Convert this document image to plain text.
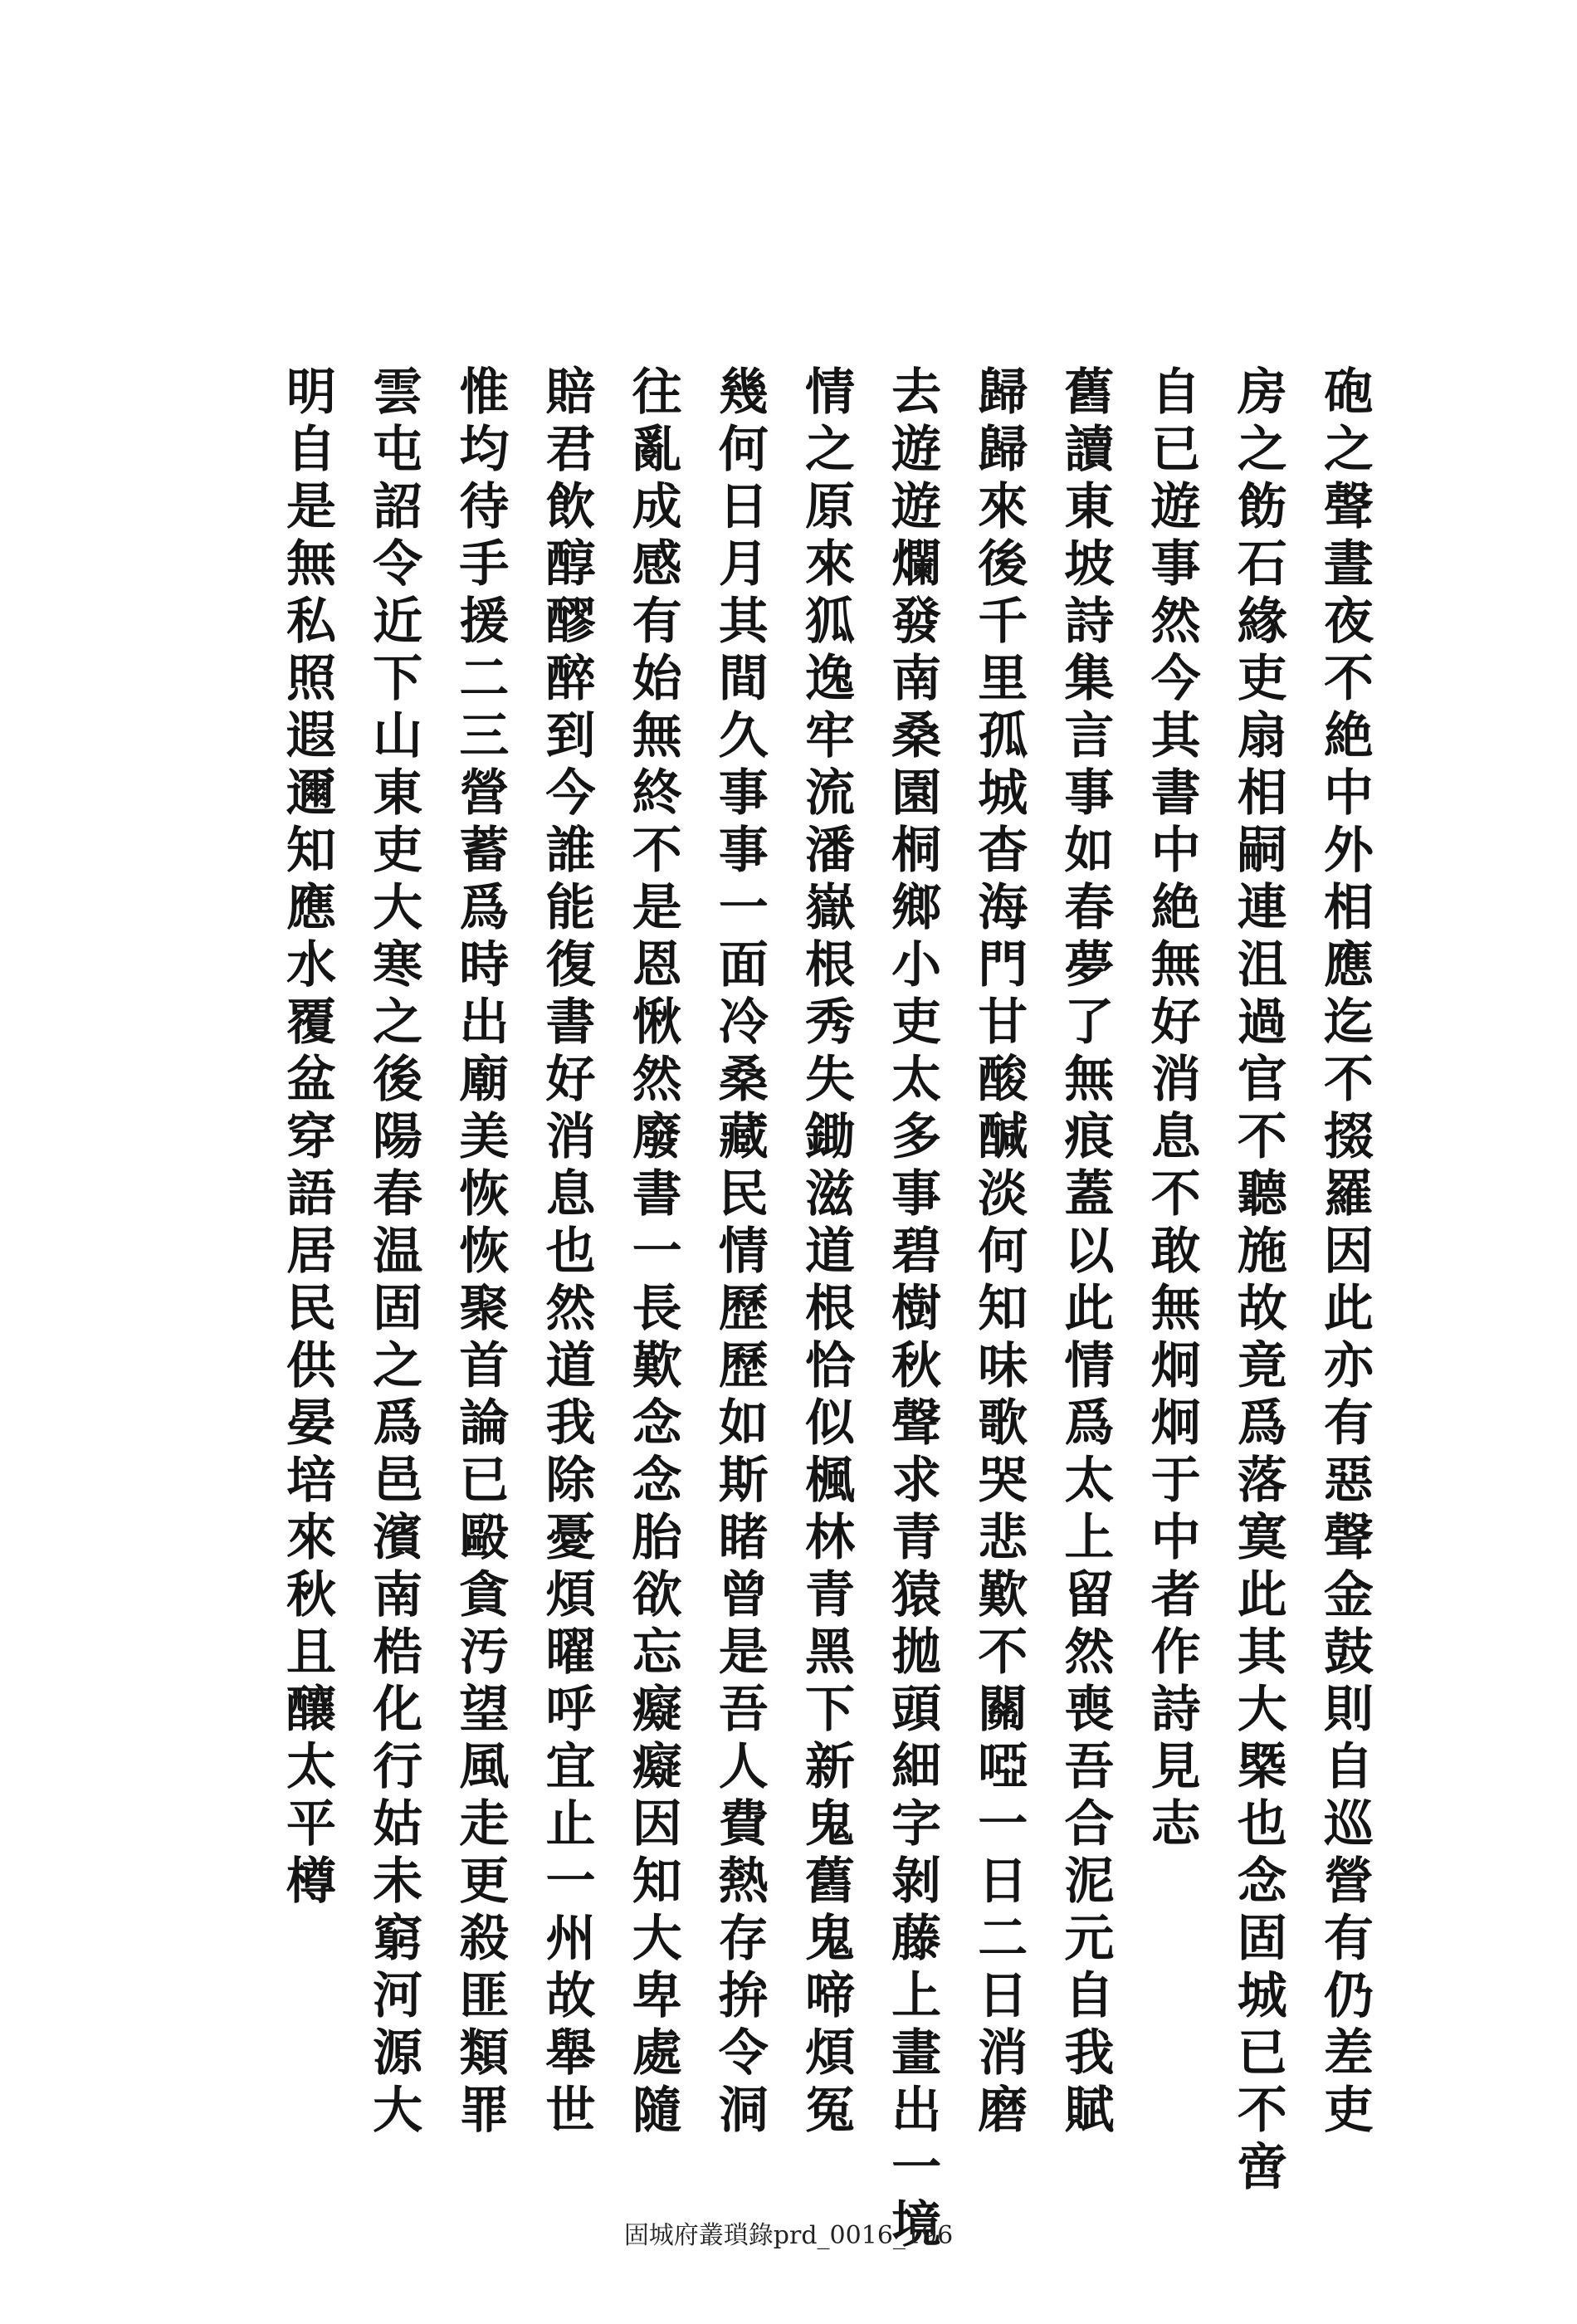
砲之聲晝夜不絶中外相應迄不掇羅因此亦有惡聲金鼓則自巡營有仍差吏
房之飭石緣吏扇相嗣連沮過官不聽施故竟爲落寞此其大槩也念固城已不啻
自已遊事然今其書中絶無好消息不敢無炯炯于中者作詩見志
舊讀東坡詩集言事如春夢了無痕蓋以此情爲太上留然喪吾合泥元自我賦
歸歸來後千里孤城杳海門甘酸醎淡何知味歌哭悲歎不關啞一日二日消磨
去遊遊爛發南桑園桐鄉小吏太多事碧樹秋聲求青猿拋頭細字剝藤上畫出一境
情之原來狐逸牢流潘嶽根秀失鋤滋道根恰似楓林青黑下新鬼舊鬼啼煩冤
幾何日月其間久事事一面冷桑藏民情歷歷如斯睹曾是吾人費熱存拚令洞
往亂成感有始無終不是恩愀然廢書一長歎念念胎欲忘癡癡因知大卑處隨
賠君飲醇醪醉到今誰能復書好消息也然道我除憂煩曜呼宜止一州故舉世
惟均待手援二三營蓄爲時出廟美恢恢聚首論已毆貪汚望風走更殺匪類罪
雲屯詔令近下山東吏大寒之後陽春温固之爲邑濱南梏化行姑未窮河源大
明自是無私照遐邇知應水覆盆穿語居民供晏培來秋且釀太平樽
固城府叢瑣錄prd_0016_196
